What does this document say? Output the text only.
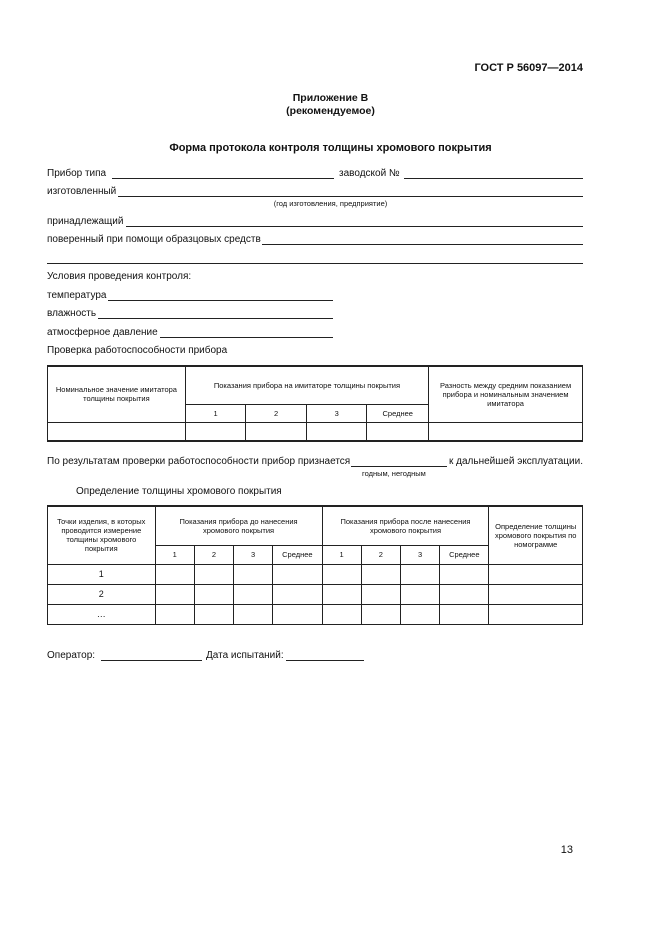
ГОСТ Р 56097—2014
Приложение В
(рекомендуемое)
Форма протокола контроля толщины хромового покрытия
Прибор типа	заводской №
изготовленный
(год изготовления, предприятие)
принадлежащий
поверенный при помощи образцовых средств
Условия проведения контроля:
температура
влажность
атмосферное давление
Проверка работоспособности прибора
Номинальное значение имитатора толщины покрытия	Показания прибора на имитаторе толщины покрытия				Разность между средним показанием прибора и номинальным значением имитатора
	1	2	3	Среднее	

По результатам проверки работоспособности прибор признается	к дальнейшей эксплуатации.
годным, негодным
Определение толщины хромового покрытия
Точки изделия, в которых проводится измерение толщины хромового покрытия	Показания прибора до нанесения хромового покрытия				Показания прибора после нанесения хромового покрытия				Определение толщины хромового покрытия по номограмме
	1	2	3	Среднее	1	2	3	Среднее	
1									
2									
…									
Оператор:	Дата испытаний:
13
